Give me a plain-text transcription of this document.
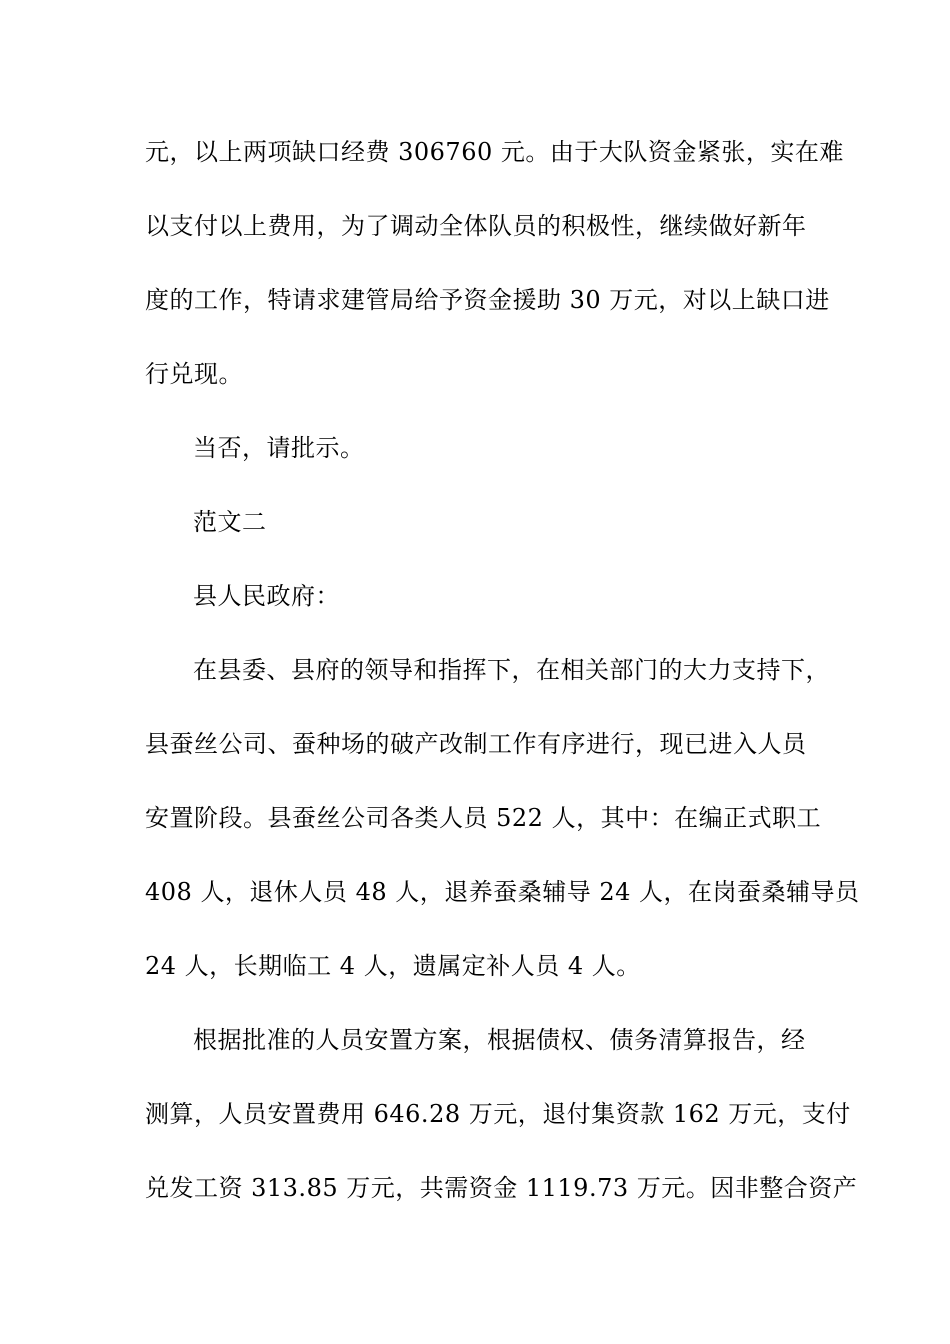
元，以上两项缺口经费 306760 元。由于大队资金紧张，实在难
以支付以上费用，为了调动全体队员的积极性，继续做好新年
度的工作，特请求建管局给予资金援助 30 万元，对以上缺口进
行兑现。
当否，请批示。
范文二
县人民政府：
在县委、县府的领导和指挥下，在相关部门的大力支持下，
县蚕丝公司、蚕种场的破产改制工作有序进行，现已进入人员
安置阶段。县蚕丝公司各类人员 522 人，其中：在编正式职工
408 人，退休人员 48 人，退养蚕桑辅导 24 人，在岗蚕桑辅导员
24 人，长期临工 4 人，遗属定补人员 4 人。
根据批准的人员安置方案，根据债权、债务清算报告，经
测算，人员安置费用 646.28 万元，退付集资款 162 万元，支付
兑发工资 313.85 万元，共需资金 1119.73 万元。因非整合资产
